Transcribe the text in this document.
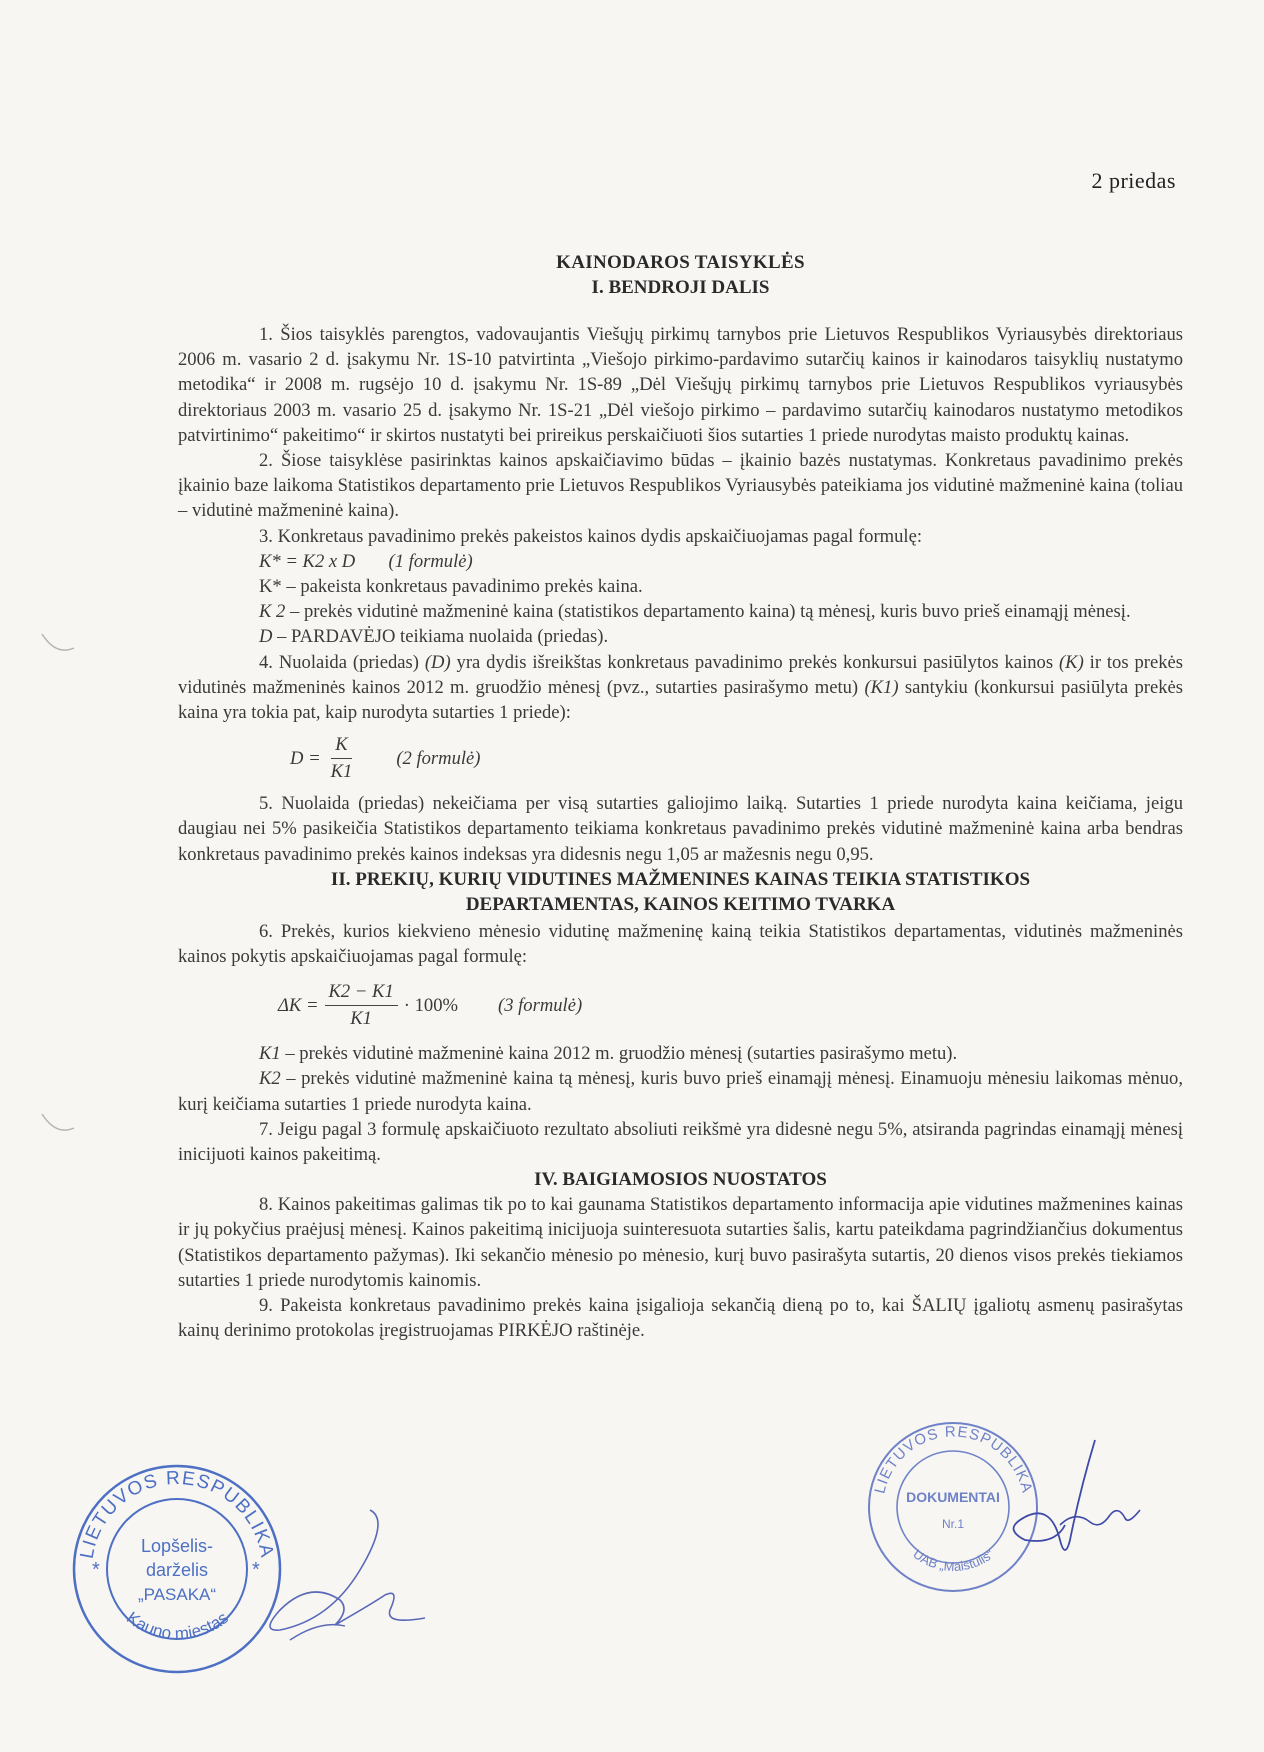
2 priedas
KAINODAROS TAISYKLĖS
I. BENDROJI DALIS

1. Šios taisyklės parengtos, vadovaujantis Viešųjų pirkimų tarnybos prie Lietuvos Respublikos Vyriausybės direktoriaus 2006 m. vasario 2 d. įsakymu Nr. 1S-10 patvirtinta „Viešojo pirkimo-pardavimo sutarčių kainos ir kainodaros taisyklių nustatymo metodika“ ir 2008 m. rugsėjo 10 d. įsakymu Nr. 1S-89 „Dėl Viešųjų pirkimų tarnybos prie Lietuvos Respublikos vyriausybės direktoriaus 2003 m. vasario 25 d. įsakymo Nr. 1S-21 „Dėl viešojo pirkimo – pardavimo sutarčių kainodaros nustatymo metodikos patvirtinimo“ pakeitimo“ ir skirtos nustatyti bei prireikus perskaičiuoti šios sutarties 1 priede nurodytas maisto produktų kainas.

2. Šiose taisyklėse pasirinktas kainos apskaičiavimo būdas – įkainio bazės nustatymas. Konkretaus pavadinimo prekės įkainio baze laikoma Statistikos departamento prie Lietuvos Respublikos Vyriausybės pateikiama jos vidutinė mažmeninė kaina (toliau – vidutinė mažmeninė kaina).

3. Konkretaus pavadinimo prekės pakeistos kainos dydis apskaičiuojamas pagal formulę:

K* = K2 x D (1 formulė)

K* – pakeista konkretaus pavadinimo prekės kaina.

K 2 – prekės vidutinė mažmeninė kaina (statistikos departamento kaina) tą mėnesį, kuris buvo prieš einamąjį mėnesį.

D – PARDAVĖJO teikiama nuolaida (priedas).

4. Nuolaida (priedas) (D) yra dydis išreikštas konkretaus pavadinimo prekės konkursui pasiūlytos kainos (K) ir tos prekės vidutinės mažmeninės kainos 2012 m. gruodžio mėnesį (pvz., sutarties pasirašymo metu) (K1) santykiu (konkursui pasiūlyta prekės kaina yra tokia pat, kaip nurodyta sutarties 1 priede):

$D = \frac{K}{K1} (2$ formulė)

5. Nuolaida (priedas) nekeičiama per visą sutarties galiojimo laiką. Sutarties 1 priede nurodyta kaina keičiama, jeigu daugiau nei 5% pasikeičia Statistikos departamento teikiama konkretaus pavadinimo prekės vidutinė mažmeninė kaina arba bendras konkretaus pavadinimo prekės kainos indeksas yra didesnis negu 1,05 ar mažesnis negu 0,95.

II. PREKIŲ, KURIŲ VIDUTINES MAŽMENINES KAINAS TEIKIA STATISTIKOS
DEPARTAMENTAS, KAINOS KEITIMO TVARKA

6. Prekės, kurios kiekvieno mėnesio vidutinę mažmeninę kainą teikia Statistikos departamentas, vidutinės mažmeninės kainos pokytis apskaičiuojamas pagal formulę:

$\Delta K = \frac{K2 - K1}{K1} \cdot 100\%$ (3 formulė)

K1 – prekės vidutinė mažmeninė kaina 2012 m. gruodžio mėnesį (sutarties pasirašymo metu).

K2 – prekės vidutinė mažmeninė kaina tą mėnesį, kuris buvo prieš einamąjį mėnesį. Einamuoju mėnesiu laikomas mėnuo, kurį keičiama sutarties 1 priede nurodyta kaina.

7. Jeigu pagal 3 formulę apskaičiuoto rezultato absoliuti reikšmė yra didesnė negu 5%, atsiranda pagrindas einamąjį mėnesį inicijuoti kainos pakeitimą.

IV. BAIGIAMOSIOS NUOSTATOS

8. Kainos pakeitimas galimas tik po to kai gaunama Statistikos departamento informacija apie vidutines mažmenines kainas ir jų pokyčius praėjusį mėnesį. Kainos pakeitimą inicijuoja suinteresuota sutarties šalis, kartu pateikdama pagrindžiančius dokumentus (Statistikos departamento pažymas). Iki sekančio mėnesio po mėnesio, kurį buvo pasirašyta sutartis, 20 dienos visos prekės tiekiamos sutarties 1 priede nurodytomis kainomis.

9. Pakeista konkretaus pavadinimo prekės kaina įsigalioja sekančią dieną po to, kai ŠALIŲ įgaliotų asmenų pasirašytas kainų derinimo protokolas įregistruojamas PIRKĖJO raštinėje.

LIETUVOS RESPUBLIKA
Kauno miestas
Lopšelis-
darželis
„PASAKA“
*	*
LIETUVOS RESPUBLIKA
UAB „Maistulis“
DOKUMENTAI
Nr.1
